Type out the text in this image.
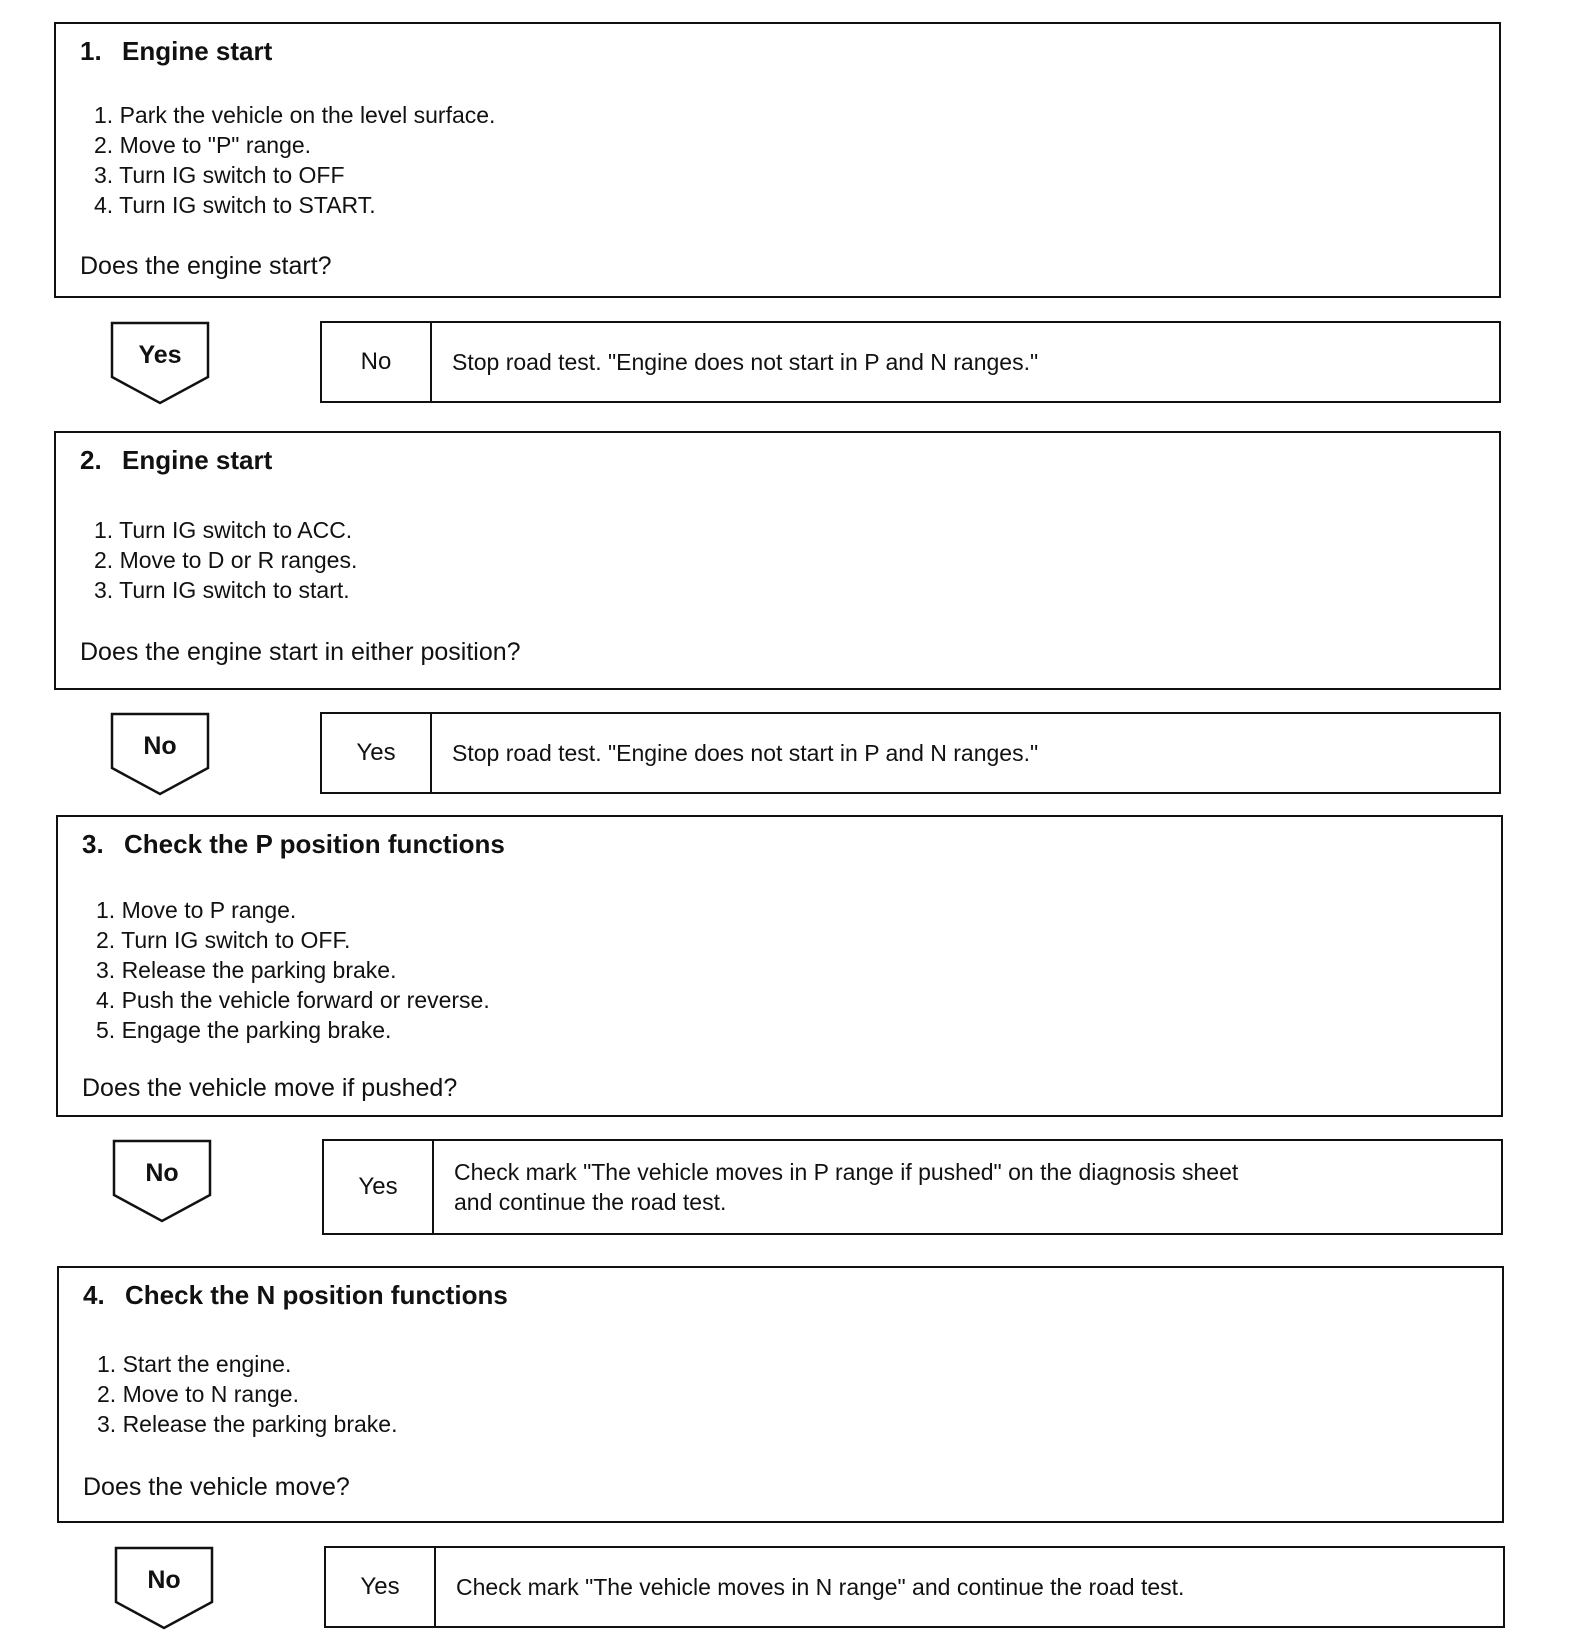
1. Engine start
1. Park the vehicle on the level surface.
2. Move to "P" range.
3. Turn IG switch to OFF
4. Turn IG switch to START.
Does the engine start?
Yes	No	Stop road test. "Engine does not start in P and N ranges."
2. Engine start
1. Turn IG switch to ACC.
2. Move to D or R ranges.
3. Turn IG switch to start.
Does the engine start in either position?
No	Yes	Stop road test. "Engine does not start in P and N ranges."
3. Check the P position functions
1. Move to P range.
2. Turn IG switch to OFF.
3. Release the parking brake.
4. Push the vehicle forward or reverse.
5. Engage the parking brake.
Does the vehicle move if pushed?
No	Yes
Check mark "The vehicle moves in P range if pushed" on the diagnosis sheet
and continue the road test.
4. Check the N position functions
1. Start the engine.
2. Move to N range.
3. Release the parking brake.
Does the vehicle move?
No	Yes	Check mark "The vehicle moves in N range" and continue the road test.
